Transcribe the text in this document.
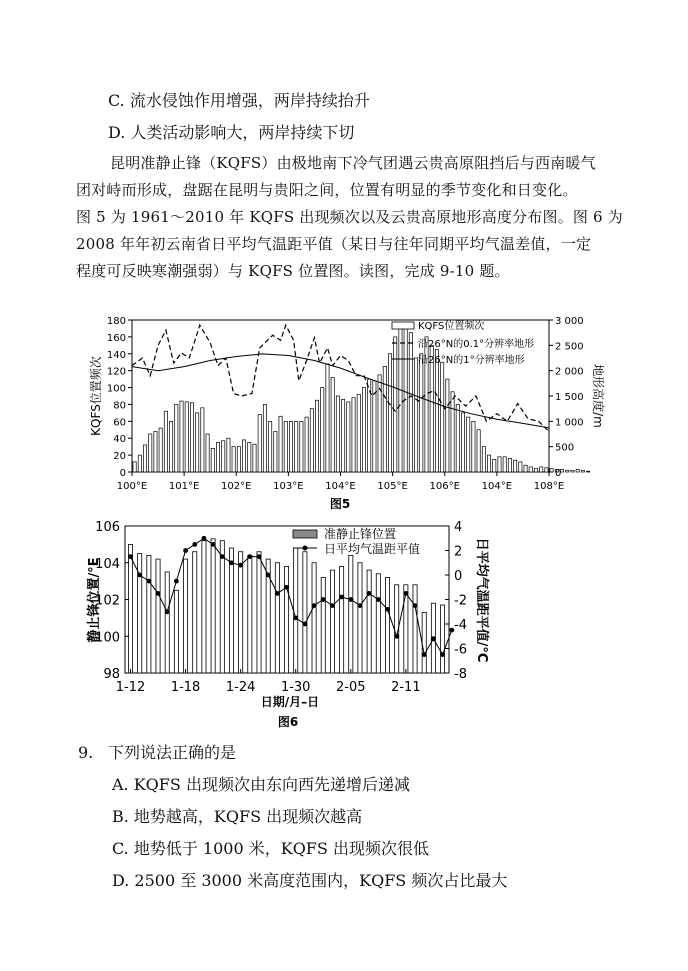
C. 流水侵蚀作用增强，两岸持续抬升
D. 人类活动影响大，两岸持续下切
昆明准静止锋（KQFS）由极地南下冷气团遇云贵高原阻挡后与西南暖气
团对峙而形成，盘踞在昆明与贵阳之间，位置有明显的季节变化和日变化。
图 5 为 1961～2010 年 KQFS 出现频次以及云贵高原地形高度分布图。图 6 为
2008 年年初云南省日平均气温距平值（某日与往年同期平均气温差值，一定
程度可反映寒潮强弱）与 KQFS 位置图。读图，完成 9-10 题。
0
20
40
60
80
100
120
140
160
180
0
500
1 000
1 500
2 000
2 500
3 000
100°E 101°E 102°E 103°E 104°E 105°E 106°E 104°E 108°E
KQFS位置频次	地形高度/m
KQFS位置频次
沿26°N的0.1°分辨率地形
沿26°N的1°分辨率地形
图5
98
100
102
104
106
-8
-6
-4
-2
0
2
4
1-12 1-18 1-24 1-30 2-05 2-11
静止锋位置/°E	日平均气温距平值/°C
日期/月–日
准静止锋位置
日平均气温距平值
图6
9. 下列说法正确的是
A. KQFS 出现频次由东向西先递增后递减
B. 地势越高，KQFS 出现频次越高
C. 地势低于 1000 米，KQFS 出现频次很低
D. 2500 至 3000 米高度范围内，KQFS 频次占比最大
